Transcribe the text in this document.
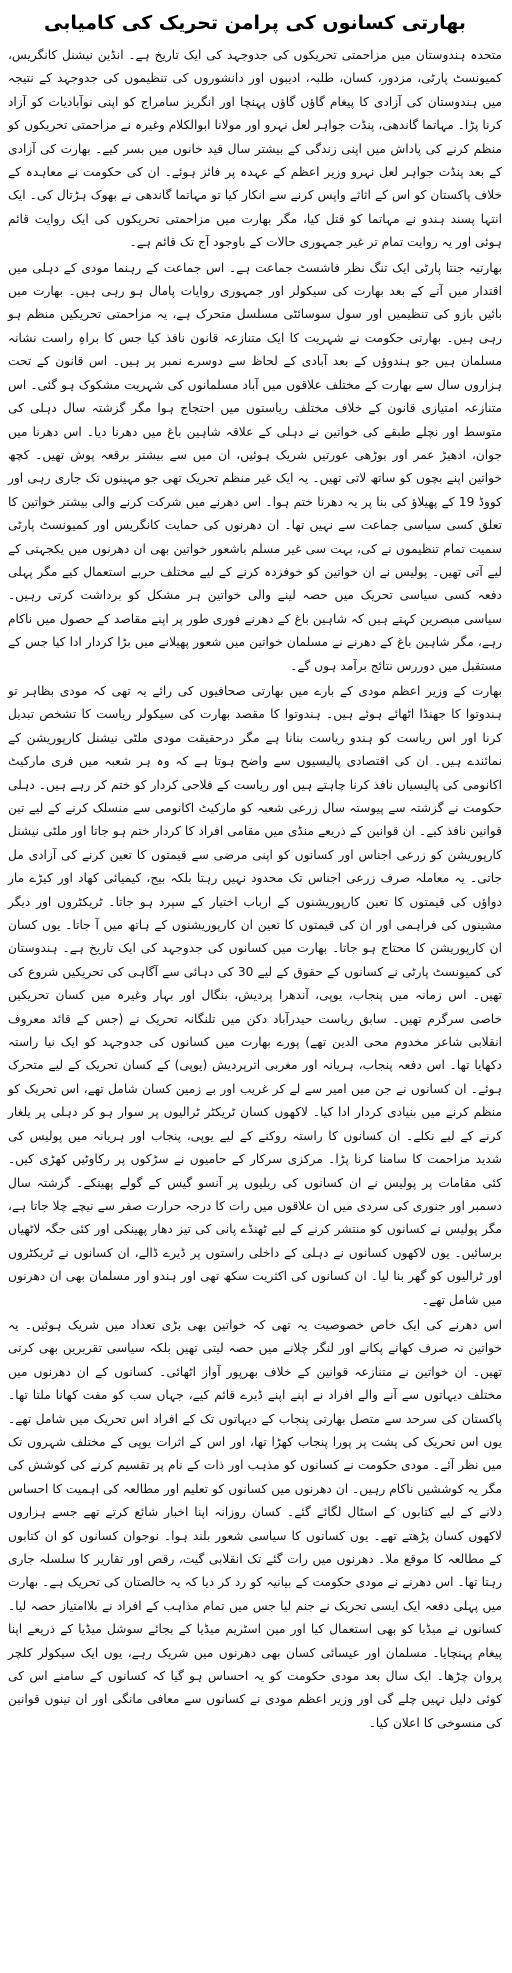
بھارتی کسانوں کی پرامن تحریک کی کامیابی

متحدہ ہندوستان میں مزاحمتی تحریکوں کی جدوجہد کی ایک تاریخ ہے۔ انڈین نیشنل کانگریس، کمیونسٹ پارٹی، مزدور، کسان، طلبہ، ادیبوں اور دانشوروں کی تنظیموں کی جدوجہد کے نتیجہ میں ہندوستان کی آزادی کا پیغام گاؤں گاؤں پہنچا اور انگریز سامراج کو اپنی نوآبادیات کو آزاد کرنا پڑا۔ مہاتما گاندھی، پنڈت جواہر لعل نہرو اور مولانا ابوالکلام وغیرہ نے مزاحمتی تحریکوں کو منظم کرنے کی پاداش میں اپنی زندگی کے بیشتر سال قید خانوں میں بسر کیے۔ بھارت کی آزادی کے بعد پنڈت جواہر لعل نہرو وزیر اعظم کے عہدہ پر فائز ہوئے۔ ان کی حکومت نے معاہدہ کے خلاف پاکستان کو اس کے اثاثے واپس کرنے سے انکار کیا تو مہاتما گاندھی نے بھوک ہڑتال کی۔ ایک انتہا پسند ہندو نے مہاتما کو قتل کیا، مگر بھارت میں مزاحمتی تحریکوں کی ایک روایت قائم ہوئی اور یہ روایت تمام تر غیر جمہوری حالات کے باوجود آج تک قائم ہے۔

بھارتیہ جنتا پارٹی ایک تنگ نظر فاشسٹ جماعت ہے۔ اس جماعت کے رہنما مودی کے دہلی میں اقتدار میں آنے کے بعد بھارت کی سیکولر اور جمہوری روایات پامال ہو رہی ہیں۔ بھارت میں بائیں بازو کی تنظیمیں اور سول سوسائٹی مسلسل متحرک ہے، یہ مزاحمتی تحریکیں منظم ہو رہی ہیں۔ بھارتی حکومت نے شہریت کا ایک متنازعہ قانون نافذ کیا جس کا براہِ راست نشانہ مسلمان ہیں جو ہندوؤں کے بعد آبادی کے لحاظ سے دوسرے نمبر پر ہیں۔ اس قانون کے تحت ہزاروں سال سے بھارت کے مختلف علاقوں میں آباد مسلمانوں کی شہریت مشکوک ہو گئی۔ اس متنازعہ امتیازی قانون کے خلاف مختلف ریاستوں میں احتجاج ہوا مگر گزشتہ سال دہلی کی متوسط اور نچلے طبقے کی خواتین نے دہلی کے علاقہ شاہین باغ میں دھرنا دیا۔ اس دھرنا میں جوان، ادھیڑ عمر اور بوڑھی عورتیں شریک ہوئیں، ان میں سے بیشتر برقعہ پوش تھیں۔ کچھ خواتین اپنے بچوں کو ساتھ لاتی تھیں۔ یہ ایک غیر منظم تحریک تھی جو مہینوں تک جاری رہی اور کووڈ 19 کے پھیلاؤ کی بنا پر یہ دھرنا ختم ہوا۔ اس دھرنے میں شرکت کرنے والی بیشتر خواتین کا تعلق کسی سیاسی جماعت سے نہیں تھا۔ ان دھرنوں کی حمایت کانگریس اور کمیونسٹ پارٹی سمیت تمام تنظیموں نے کی، بہت سی غیر مسلم باشعور خواتین بھی ان دھرنوں میں یکجہتی کے لیے آتی تھیں۔ پولیس نے ان خواتین کو خوفزدہ کرنے کے لیے مختلف حربے استعمال کیے مگر پہلی دفعہ کسی سیاسی تحریک میں حصہ لینے والی خواتین ہر مشکل کو برداشت کرتی رہیں۔ سیاسی مبصرین کہتے ہیں کہ شاہین باغ کے دھرنے فوری طور پر اپنے مقاصد کے حصول میں ناکام رہے، مگر شاہین باغ کے دھرنے نے مسلمان خواتین میں شعور پھیلانے میں بڑا کردار ادا کیا جس کے مستقبل میں دوررس نتائج برآمد ہوں گے۔

بھارت کے وزیر اعظم مودی کے بارے میں بھارتی صحافیوں کی رائے یہ تھی کہ مودی بظاہر تو ہندوتوا کا جھنڈا اٹھائے ہوئے ہیں۔ ہندوتوا کا مقصد بھارت کی سیکولر ریاست کا تشخص تبدیل کرنا اور اس ریاست کو ہندو ریاست بنانا ہے مگر درحقیقت مودی ملٹی نیشنل کارپوریشن کے نمائندے ہیں۔ ان کی اقتصادی پالیسیوں سے واضح ہوتا ہے کہ وہ ہر شعبہ میں فری مارکیٹ اکانومی کی پالیسیاں نافذ کرنا چاہتے ہیں اور ریاست کے فلاحی کردار کو ختم کر رہے ہیں۔ دہلی حکومت نے گزشتہ سے پیوستہ سال زرعی شعبہ کو مارکیٹ اکانومی سے منسلک کرنے کے لیے تین قوانین نافذ کیے۔ ان قوانین کے ذریعے منڈی میں مقامی افراد کا کردار ختم ہو جاتا اور ملٹی نیشنل کارپوریشن کو زرعی اجناس اور کسانوں کو اپنی مرضی سے قیمتوں کا تعین کرنے کی آزادی مل جاتی۔ یہ معاملہ صرف زرعی اجناس تک محدود نہیں رہتا بلکہ بیج، کیمیائی کھاد اور کیڑے مار دواؤں کی قیمتوں کا تعین کارپوریشنوں کے ارباب اختیار کے سپرد ہو جاتا۔ ٹریکٹروں اور دیگر مشینوں کی فراہمی اور ان کی قیمتوں کا تعین ان کارپوریشنوں کے ہاتھ میں آ جاتا۔ یوں کسان ان کارپوریشن کا محتاج ہو جاتا۔ بھارت میں کسانوں کی جدوجہد کی ایک تاریخ ہے۔ ہندوستان کی کمیونسٹ پارٹی نے کسانوں کے حقوق کے لیے 30 کی دہائی سے آگاہی کی تحریکیں شروع کی تھیں۔ اس زمانہ میں پنجاب، یوپی، آندھرا پردیش، بنگال اور بہار وغیرہ میں کسان تحریکیں خاصی سرگرم تھیں۔ سابق ریاست حیدرآباد دکن میں تلنگانہ تحریک نے (جس کے قائد معروف انقلابی شاعر مخدوم محی الدین تھے) پورے بھارت میں کسانوں کی جدوجہد کو ایک نیا راستہ دکھایا تھا۔ اس دفعہ پنجاب، ہریانہ اور مغربی اترپردیش (یوپی) کے کسان تحریک کے لیے متحرک ہوئے۔ ان کسانوں نے جن میں امیر سے لے کر غریب اور بے زمین کسان شامل تھے، اس تحریک کو منظم کرنے میں بنیادی کردار ادا کیا۔ لاکھوں کسان ٹریکٹر ٹرالیوں پر سوار ہو کر دہلی پر یلغار کرنے کے لیے نکلے۔ ان کسانوں کا راستہ روکنے کے لیے یوپی، پنجاب اور ہریانہ میں پولیس کی شدید مزاحمت کا سامنا کرنا پڑا۔ مرکزی سرکار کے حامیوں نے سڑکوں پر رکاوٹیں کھڑی کیں۔ کئی مقامات پر پولیس نے ان کسانوں کی ریلیوں پر آنسو گیس کے گولے پھینکے۔ گزشتہ سال دسمبر اور جنوری کی سردی میں ان علاقوں میں رات کا درجہ حرارت صفر سے نیچے چلا جاتا ہے، مگر پولیس نے کسانوں کو منتشر کرنے کے لیے ٹھنڈے پانی کی تیز دھار پھینکی اور کئی جگہ لاٹھیاں برسائیں۔ یوں لاکھوں کسانوں نے دہلی کے داخلی راستوں پر ڈیرے ڈالے، ان کسانوں نے ٹریکٹروں اور ٹرالیوں کو گھر بنا لیا۔ ان کسانوں کی اکثریت سکھ تھی اور ہندو اور مسلمان بھی ان دھرنوں میں شامل تھے۔

اس دھرنے کی ایک خاص خصوصیت یہ تھی کہ خواتین بھی بڑی تعداد میں شریک ہوئیں۔ یہ خواتین نہ صرف کھانے پکانے اور لنگر چلانے میں حصہ لیتی تھیں بلکہ سیاسی تقریریں بھی کرتی تھیں۔ ان خواتین نے متنازعہ قوانین کے خلاف بھرپور آواز اٹھائی۔ کسانوں کے ان دھرنوں میں مختلف دیہاتوں سے آنے والے افراد نے اپنے اپنے ڈیرے قائم کیے، جہاں سب کو مفت کھانا ملتا تھا۔ پاکستان کی سرحد سے متصل بھارتی پنجاب کے دیہاتوں تک کے افراد اس تحریک میں شامل تھے۔ یوں اس تحریک کی پشت پر پورا پنجاب کھڑا تھا، اور اس کے اثرات یوپی کے مختلف شہروں تک میں نظر آئے۔ مودی حکومت نے کسانوں کو مذہب اور ذات کے نام پر تقسیم کرنے کی کوشش کی مگر یہ کوششیں ناکام رہیں۔ ان دھرنوں میں کسانوں کو تعلیم اور مطالعہ کی اہمیت کا احساس دلانے کے لیے کتابوں کے اسٹال لگائے گئے۔ کسان روزانہ اپنا اخبار شائع کرتے تھے جسے ہزاروں لاکھوں کسان پڑھتے تھے۔ یوں کسانوں کا سیاسی شعور بلند ہوا۔ نوجوان کسانوں کو ان کتابوں کے مطالعہ کا موقع ملا۔ دھرنوں میں رات گئے تک انقلابی گیت، رقص اور تقاریر کا سلسلہ جاری رہتا تھا۔ اس دھرنے نے مودی حکومت کے بیانیہ کو رد کر دیا کہ یہ خالصتان کی تحریک ہے۔ بھارت میں پہلی دفعہ ایک ایسی تحریک نے جنم لیا جس میں تمام مذاہب کے افراد نے بلاامتیاز حصہ لیا۔ کسانوں نے میڈیا کو بھی استعمال کیا اور مین اسٹریم میڈیا کے بجائے سوشل میڈیا کے ذریعے اپنا پیغام پہنچایا۔ مسلمان اور عیسائی کسان بھی دھرنوں میں شریک رہے، یوں ایک سیکولر کلچر پروان چڑھا۔ ایک سال بعد مودی حکومت کو یہ احساس ہو گیا کہ کسانوں کے سامنے اس کی کوئی دلیل نہیں چلے گی اور وزیر اعظم مودی نے کسانوں سے معافی مانگی اور ان تینوں قوانین کی منسوخی کا اعلان کیا۔
